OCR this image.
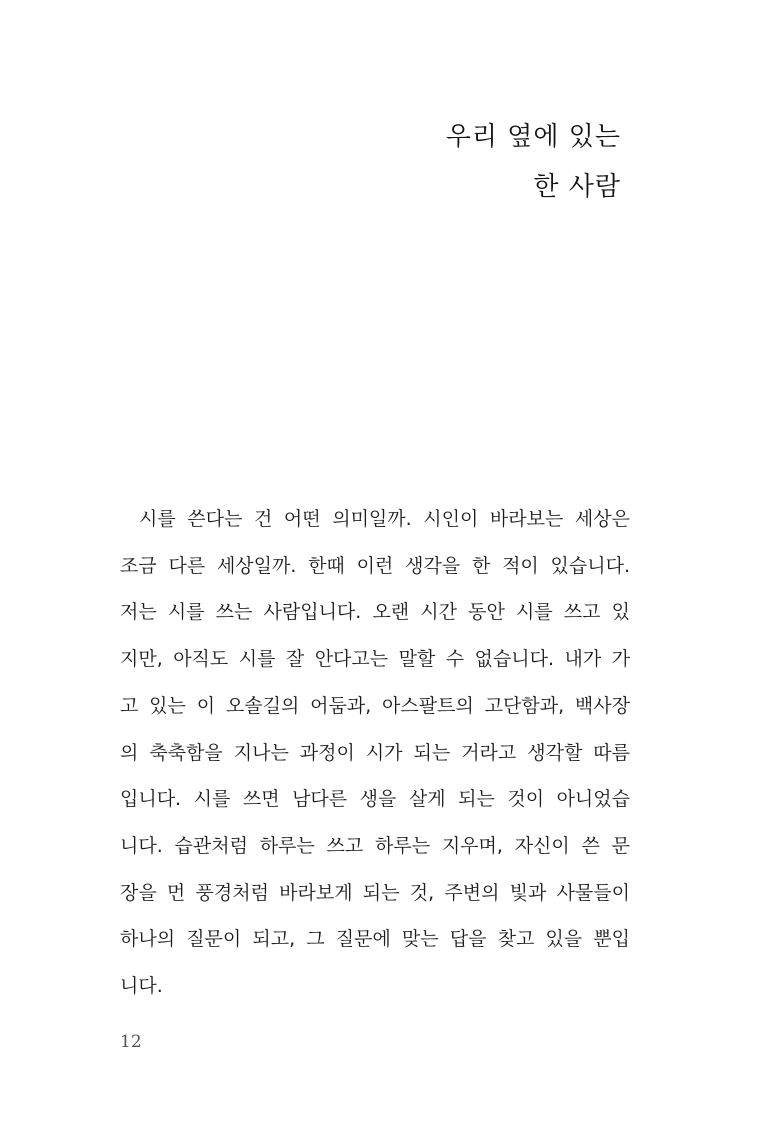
우리 옆에 있는
한 사람
시를 쓴다는 건 어떤 의미일까. 시인이 바라보는 세상은
조금 다른 세상일까. 한때 이런 생각을 한 적이 있습니다.
저는 시를 쓰는 사람입니다. 오랜 시간 동안 시를 쓰고 있
지만, 아직도 시를 잘 안다고는 말할 수 없습니다. 내가 가
고 있는 이 오솔길의 어둠과, 아스팔트의 고단함과, 백사장
의 축축함을 지나는 과정이 시가 되는 거라고 생각할 따름
입니다. 시를 쓰면 남다른 생을 살게 되는 것이 아니었습
니다. 습관처럼 하루는 쓰고 하루는 지우며, 자신이 쓴 문
장을 먼 풍경처럼 바라보게 되는 것, 주변의 빛과 사물들이
하나의 질문이 되고, 그 질문에 맞는 답을 찾고 있을 뿐입
니다.
12
